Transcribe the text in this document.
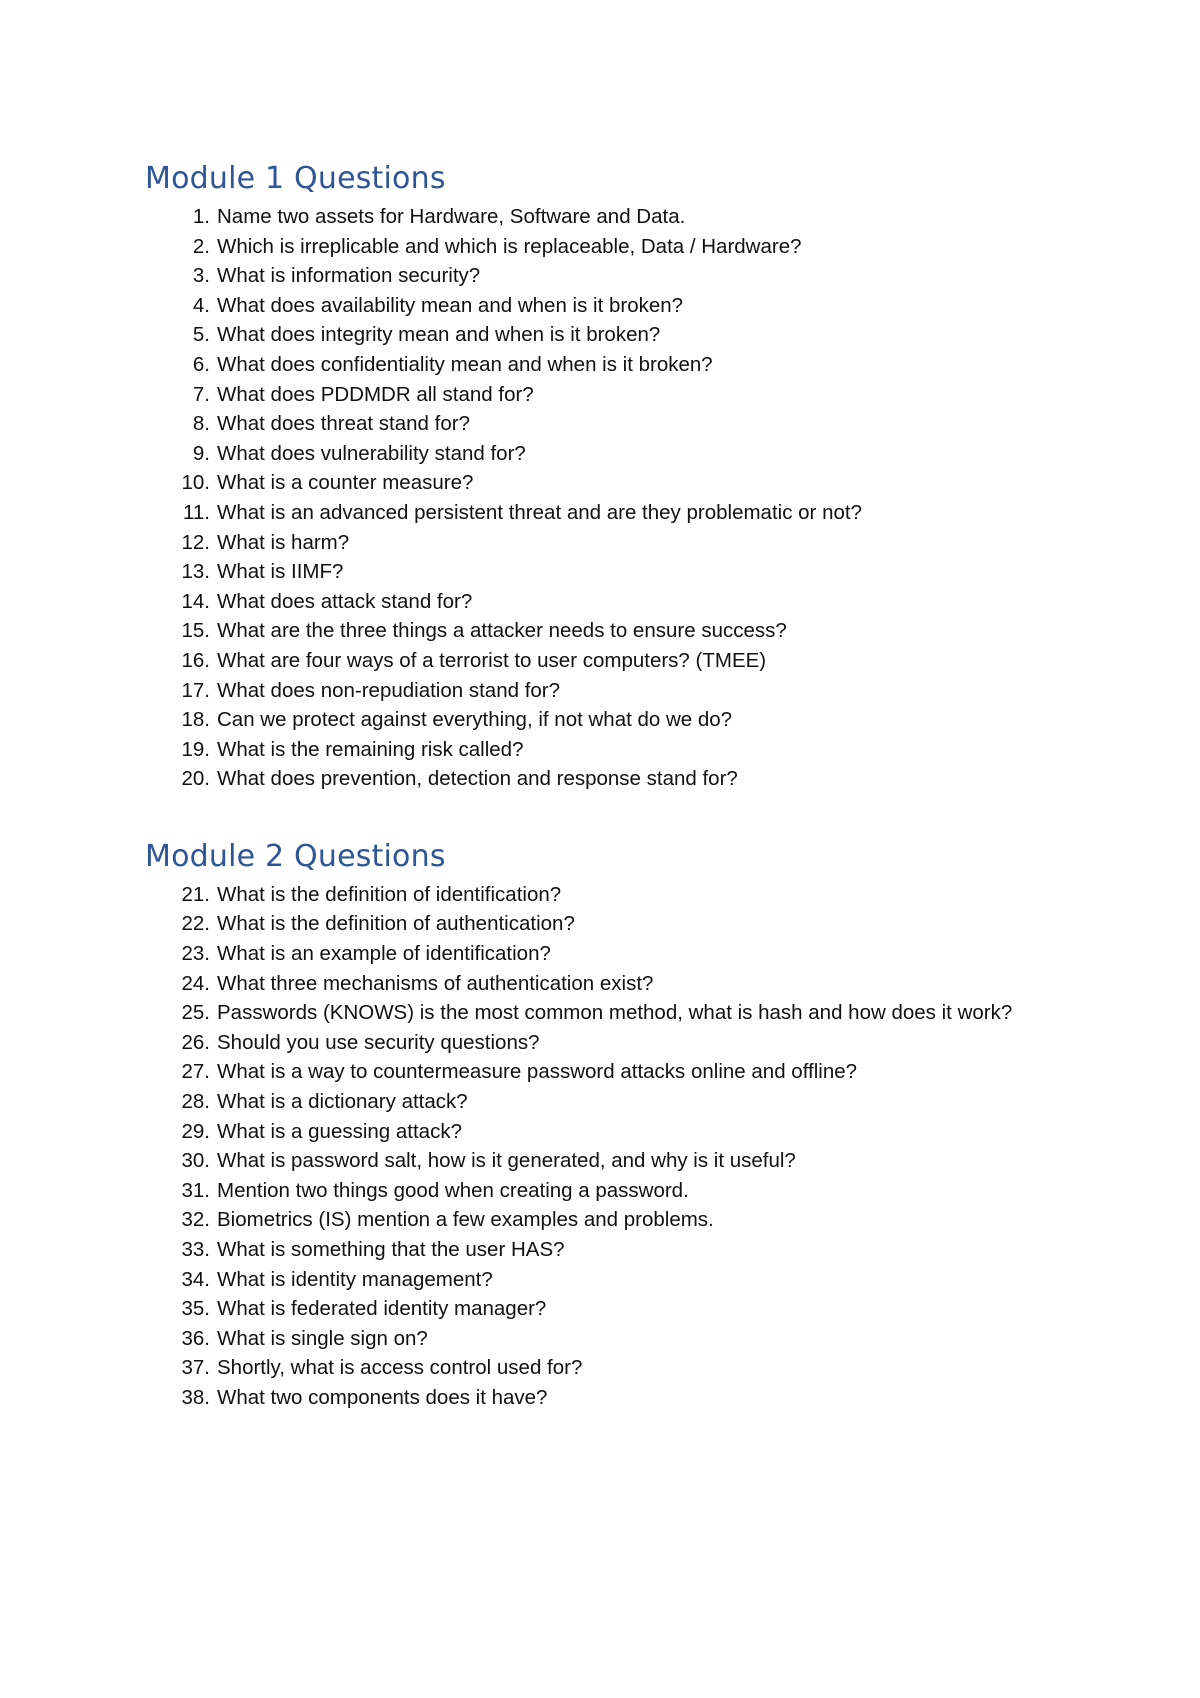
Module 1 Questions
1. Name two assets for Hardware, Software and Data.
2. Which is irreplicable and which is replaceable, Data / Hardware?
3. What is information security?
4. What does availability mean and when is it broken?
5. What does integrity mean and when is it broken?
6. What does confidentiality mean and when is it broken?
7. What does PDDMDR all stand for?
8. What does threat stand for?
9. What does vulnerability stand for?
10. What is a counter measure?
11. What is an advanced persistent threat and are they problematic or not?
12. What is harm?
13. What is IIMF?
14. What does attack stand for?
15. What are the three things a attacker needs to ensure success?
16. What are four ways of a terrorist to user computers? (TMEE)
17. What does non-repudiation stand for?
18. Can we protect against everything, if not what do we do?
19. What is the remaining risk called?
20. What does prevention, detection and response stand for?
Module 2 Questions
21. What is the definition of identification?
22. What is the definition of authentication?
23. What is an example of identification?
24. What three mechanisms of authentication exist?
25. Passwords (KNOWS) is the most common method, what is hash and how does it work?
26. Should you use security questions?
27. What is a way to countermeasure password attacks online and offline?
28. What is a dictionary attack?
29. What is a guessing attack?
30. What is password salt, how is it generated, and why is it useful?
31. Mention two things good when creating a password.
32. Biometrics (IS) mention a few examples and problems.
33. What is something that the user HAS?
34. What is identity management?
35. What is federated identity manager?
36. What is single sign on?
37. Shortly, what is access control used for?
38. What two components does it have?
